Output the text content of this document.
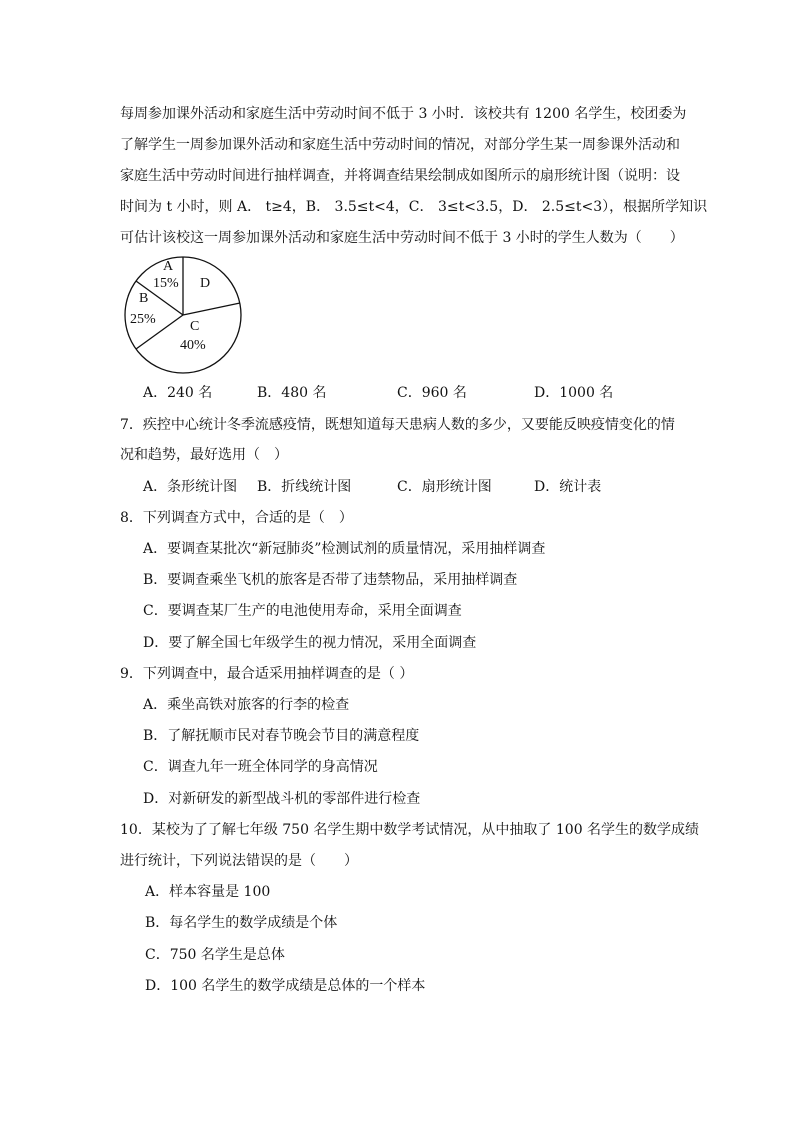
每周参加课外活动和家庭生活中劳动时间不低于 3 小时．该校共有 1200 名学生，校团委为
了解学生一周参加课外活动和家庭生活中劳动时间的情况，对部分学生某一周参课外活动和
家庭生活中劳动时间进行抽样调查，并将调查结果绘制成如图所示的扇形统计图（说明：设
时间为 t 小时，则 A． t≥4，B． 3.5≤t<4，C． 3≤t<3.5，D． 2.5≤t<3），根据所学知识
可估计该校这一周参加课外活动和家庭生活中劳动时间不低于 3 小时的学生人数为（　　）
A
15% D
B
25% C
40%
A．240 名	B．480 名	C．960 名	D．1000 名
7．疾控中心统计冬季流感疫情，既想知道每天患病人数的多少，又要能反映疫情变化的情
况和趋势，最好选用（　）
A．条形统计图 B．折线统计图	C．扇形统计图	D．统计表
8．下列调查方式中，合适的是（　）
A．要调查某批次“新冠肺炎”检测试剂的质量情况，采用抽样调查
B．要调查乘坐飞机的旅客是否带了违禁物品，采用抽样调查
C．要调查某厂生产的电池使用寿命，采用全面调查
D．要了解全国七年级学生的视力情况，采用全面调查
9．下列调查中，最合适采用抽样调查的是（ ）
A．乘坐高铁对旅客的行李的检查
B．了解抚顺市民对春节晚会节目的满意程度
C．调查九年一班全体同学的身高情况
D．对新研发的新型战斗机的零部件进行检查
10．某校为了了解七年级 750 名学生期中数学考试情况，从中抽取了 100 名学生的数学成绩
进行统计，下列说法错误的是（　　）
A．样本容量是 100
B．每名学生的数学成绩是个体
C．750 名学生是总体
D．100 名学生的数学成绩是总体的一个样本
